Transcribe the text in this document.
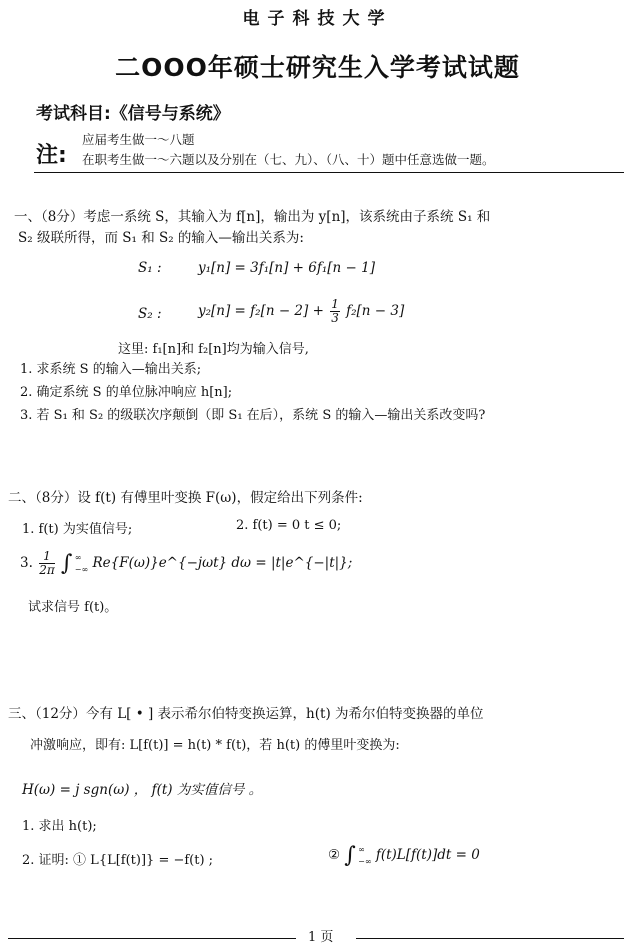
电子科技大学
二OOO年硕士研究生入学考试试题
考试科目:《信号与系统》
注:
应届考生做一～八题
在职考生做一～六题以及分别在（七、九）、（八、十）题中任意选做一题。
一、（8分）考虑一系统 S，其输入为 f[n]，输出为 y[n]，该系统由子系统 S₁ 和
S₂ 级联所得，而 S₁ 和 S₂ 的输入—输出关系为:
S₁ :	y₁[n] = 3f₁[n] + 6f₁[n − 1]
S₂ :	$y_2[n] = f_2[n - 2] + \frac{1}{3} f_2[n - 3]$
这里: f₁[n]和 f₂[n]均为输入信号,
1. 求系统 S 的输入—输出关系;
2. 确定系统 S 的单位脉冲响应 h[n];
3. 若 S₁ 和 S₂ 的级联次序颠倒（即 S₁ 在后），系统 S 的输入—输出关系改变吗?
二、（8分）设 f(t) 有傅里叶变换 F(ω)，假定给出下列条件:
1. f(t) 为实值信号;	2. f(t) = 0 t ≤ 0;
3. $\frac{1}{2\pi}$ ∫ ∞
−∞ Re{F(ω)}e^{−jωt} dω = |t|e^{−|t|};
试求信号 f(t)。
三、（12分）今有 L[ • ] 表示希尔伯特变换运算，h(t) 为希尔伯特变换器的单位
冲激响应，即有: L[f(t)] = h(t) * f(t)，若 h(t) 的傅里叶变换为:
H(ω) = j sgn(ω) ， f(t) 为实值信号 。
1. 求出 h(t);
2. 证明: ① L{L[f(t)]} = −f(t) ;	② ∫ ∞
−∞ f(t)L[f(t)]dt = 0
1 页
